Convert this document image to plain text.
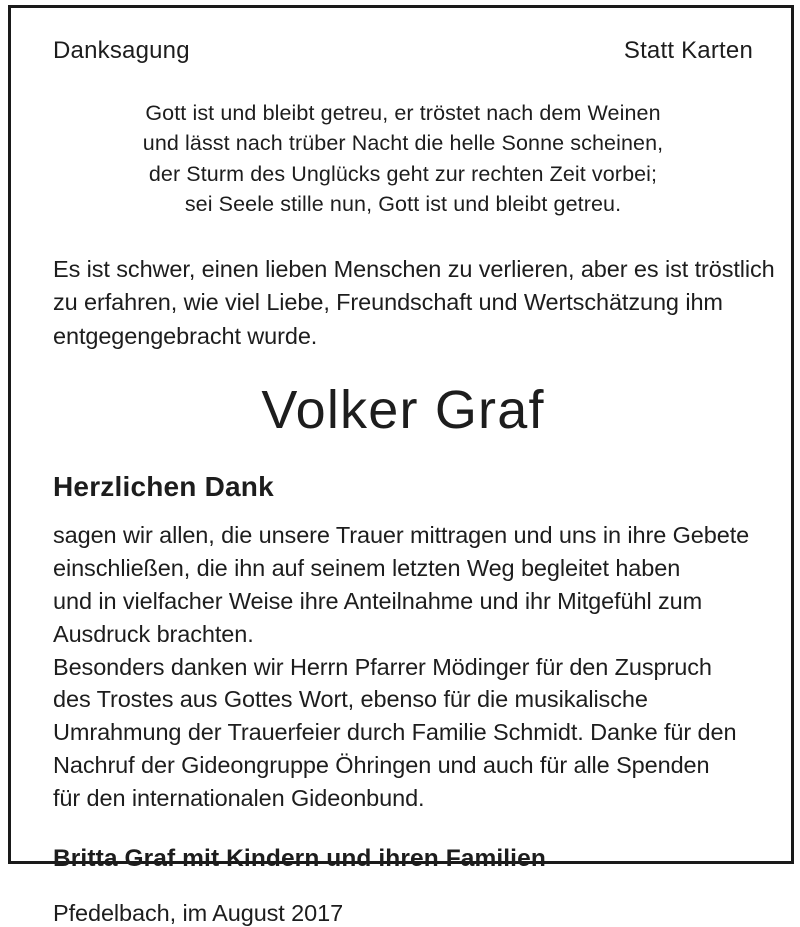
Danksagung	Statt Karten
Gott ist und bleibt getreu, er tröstet nach dem Weinen
und lässt nach trüber Nacht die helle Sonne scheinen,
der Sturm des Unglücks geht zur rechten Zeit vorbei;
sei Seele stille nun, Gott ist und bleibt getreu.
Es ist schwer, einen lieben Menschen zu verlieren, aber es ist tröstlich
zu erfahren, wie viel Liebe, Freundschaft und Wertschätzung ihm
entgegengebracht wurde.
Volker Graf
Herzlichen Dank
sagen wir allen, die unsere Trauer mittragen und uns in ihre Gebete
einschließen, die ihn auf seinem letzten Weg begleitet haben
und in vielfacher Weise ihre Anteilnahme und ihr Mitgefühl zum
Ausdruck brachten.
Besonders danken wir Herrn Pfarrer Mödinger für den Zuspruch
des Trostes aus Gottes Wort, ebenso für die musikalische
Umrahmung der Trauerfeier durch Familie Schmidt. Danke für den
Nachruf der Gideongruppe Öhringen und auch für alle Spenden
für den internationalen Gideonbund.
Britta Graf mit Kindern und ihren Familien
Pfedelbach, im August 2017
